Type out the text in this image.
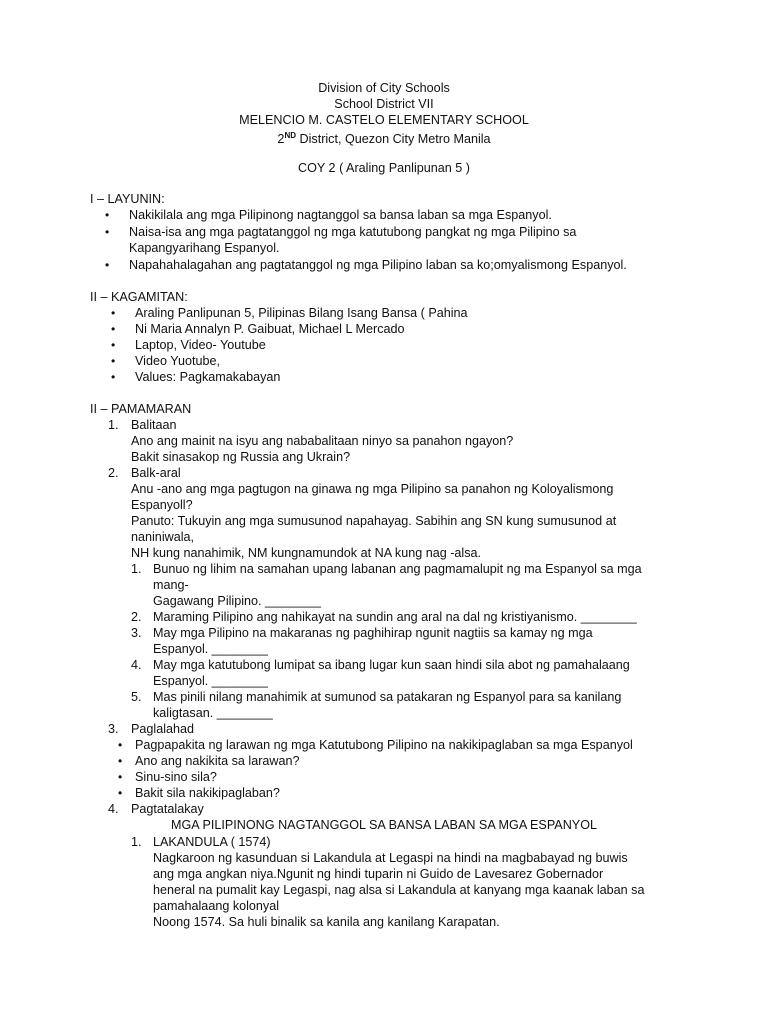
Division of City Schools
School District VII
MELENCIO M. CASTELO ELEMENTARY SCHOOL
2ND District, Quezon City Metro Manila
COY 2 ( Araling Panlipunan 5 )
I – LAYUNIN:
• Nakikilala ang mga Pilipinong nagtanggol sa bansa laban sa mga Espanyol.
• Naisa-isa ang mga pagtatanggol ng mga katutubong pangkat ng mga Pilipino sa
Kapangyarihang Espanyol.
• Napahahalagahan ang pagtatanggol ng mga Pilipino laban sa ko;omyalismong Espanyol.
II – KAGAMITAN:
• Araling Panlipunan 5, Pilipinas Bilang Isang Bansa ( Pahina
• Ni Maria Annalyn P. Gaibuat, Michael L Mercado
• Laptop, Video- Youtube
• Video Yuotube,
• Values: Pagkamakabayan
II – PAMAMARAN
1. Balitaan
Ano ang mainit na isyu ang nababalitaan ninyo sa panahon ngayon?
Bakit sinasakop ng Russia ang Ukrain?
2. Balk-aral
Anu -ano ang mga pagtugon na ginawa ng mga Pilipino sa panahon ng Koloyalismong
Espanyoll?
Panuto: Tukuyin ang mga sumusunod napahayag. Sabihin ang SN kung sumusunod at
naniniwala,
NH kung nanahimik, NM kungnamundok at NA kung nag -alsa.
1. Bunuo ng lihim na samahan upang labanan ang pagmamalupit ng ma Espanyol sa mga
mang-
Gagawang Pilipino. ________
2. Maraming Pilipino ang nahikayat na sundin ang aral na dal ng kristiyanismo. ________
3. May mga Pilipino na makaranas ng paghihirap ngunit nagtiis sa kamay ng mga
Espanyol. ________
4. May mga katutubong lumipat sa ibang lugar kun saan hindi sila abot ng pamahalaang
Espanyol. ________
5. Mas pinili nilang manahimik at sumunod sa patakaran ng Espanyol para sa kanilang
kaligtasan. ________
3. Paglalahad
• Pagpapakita ng larawan ng mga Katutubong Pilipino na nakikipaglaban sa mga Espanyol
• Ano ang nakikita sa larawan?
• Sinu-sino sila?
• Bakit sila nakikipaglaban?
4. Pagtatalakay
MGA PILIPINONG NAGTANGGOL SA BANSA LABAN SA MGA ESPANYOL
1. LAKANDULA ( 1574)
Nagkaroon ng kasunduan si Lakandula at Legaspi na hindi na magbabayad ng buwis
ang mga angkan niya.Ngunit ng hindi tuparin ni Guido de Lavesarez Gobernador
heneral na pumalit kay Legaspi, nag alsa si Lakandula at kanyang mga kaanak laban sa
pamahalaang kolonyal
Noong 1574. Sa huli binalik sa kanila ang kanilang Karapatan.
